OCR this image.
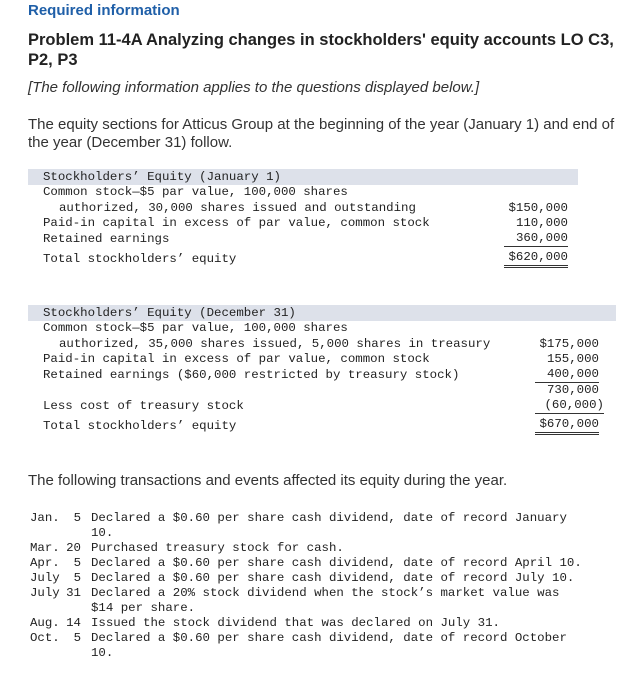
Required information
Problem 11-4A Analyzing changes in stockholders' equity accounts LO C3, P2, P3
[The following information applies to the questions displayed below.]
The equity sections for Atticus Group at the beginning of the year (January 1) and end of the year (December 31) follow.
Stockholders’ Equity (January 1)
Common stock—$5 par value, 100,000 shares
authorized, 30,000 shares issued and outstanding	$150,000
Paid-in capital in excess of par value, common stock	110,000
Retained earnings	360,000
Total stockholders’ equity	$620,000
Stockholders’ Equity (December 31)
Common stock—$5 par value, 100,000 shares
authorized, 35,000 shares issued, 5,000 shares in treasury	$175,000
Paid-in capital in excess of par value, common stock	155,000
Retained earnings ($60,000 restricted by treasury stock)	400,000
730,000
Less cost of treasury stock	(60,000)
Total stockholders’ equity	$670,000
The following transactions and events affected its equity during the year.
Jan.	5 Declared a $0.60 per share cash dividend, date of record January
10.
Mar. 20 Purchased treasury stock for cash.
Apr.	5 Declared a $0.60 per share cash dividend, date of record April 10.
July	5 Declared a $0.60 per share cash dividend, date of record July 10.
July 31 Declared a 20% stock dividend when the stock’s market value was
$14 per share.
Aug. 14 Issued the stock dividend that was declared on July 31.
Oct.	5 Declared a $0.60 per share cash dividend, date of record October
10.
